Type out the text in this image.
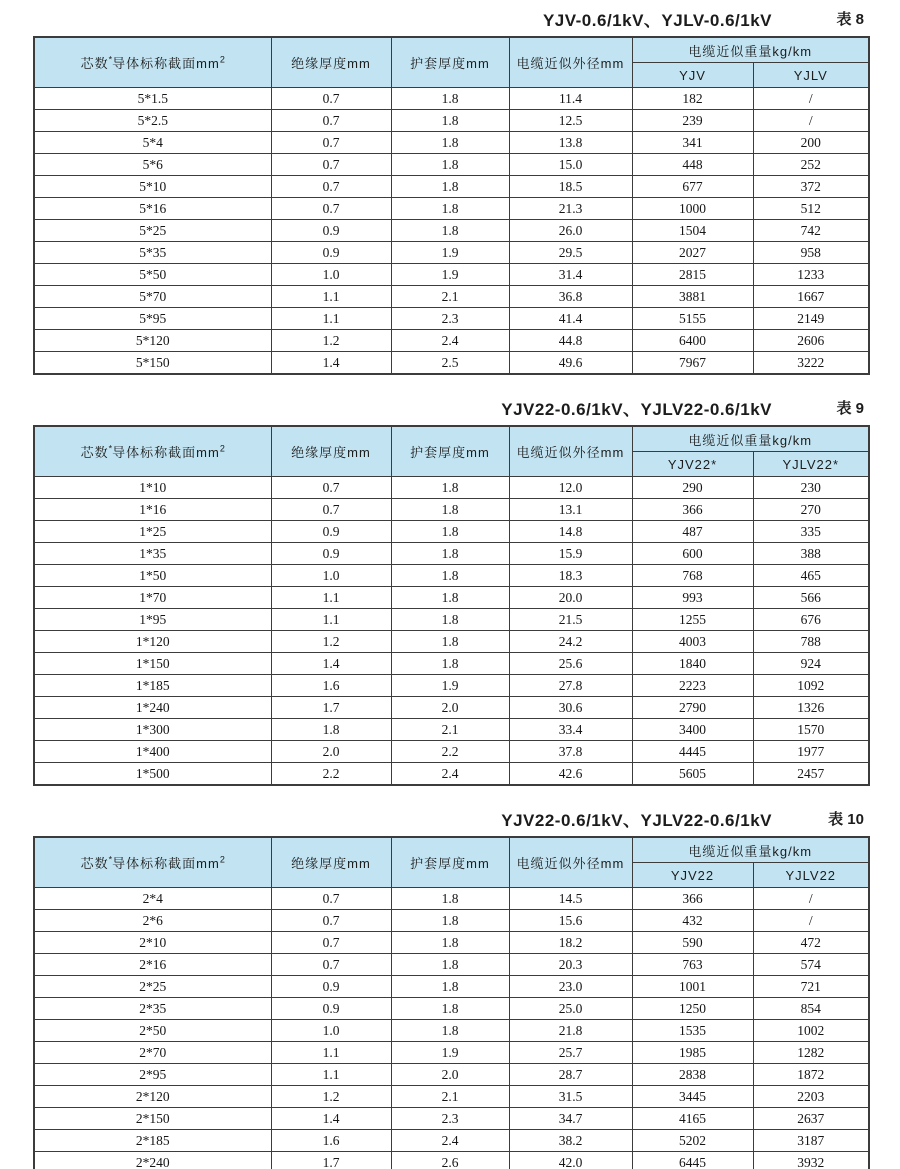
YJV-0.6/1kV、YJLV-0.6/1kV	表 8
芯数*导体标称截面$mm^2$	绝缘厚度mm	护套厚度mm	电缆近似外径mm	电缆近似重量kg/km	
				YJV	YJLV
5*1.5	0.7	1.8	11.4	182	/
5*2.5	0.7	1.8	12.5	239	/
5*4	0.7	1.8	13.8	341	200
5*6	0.7	1.8	15.0	448	252
5*10	0.7	1.8	18.5	677	372
5*16	0.7	1.8	21.3	1000	512
5*25	0.9	1.8	26.0	1504	742
5*35	0.9	1.9	29.5	2027	958
5*50	1.0	1.9	31.4	2815	1233
5*70	1.1	2.1	36.8	3881	1667
5*95	1.1	2.3	41.4	5155	2149
5*120	1.2	2.4	44.8	6400	2606
5*150	1.4	2.5	49.6	7967	3222
YJV22-0.6/1kV、YJLV22-0.6/1kV	表 9
芯数*导体标称截面$mm^2$	绝缘厚度mm	护套厚度mm	电缆近似外径mm	电缆近似重量kg/km	
				YJV22*	YJLV22*
1*10	0.7	1.8	12.0	290	230
1*16	0.7	1.8	13.1	366	270
1*25	0.9	1.8	14.8	487	335
1*35	0.9	1.8	15.9	600	388
1*50	1.0	1.8	18.3	768	465
1*70	1.1	1.8	20.0	993	566
1*95	1.1	1.8	21.5	1255	676
1*120	1.2	1.8	24.2	4003	788
1*150	1.4	1.8	25.6	1840	924
1*185	1.6	1.9	27.8	2223	1092
1*240	1.7	2.0	30.6	2790	1326
1*300	1.8	2.1	33.4	3400	1570
1*400	2.0	2.2	37.8	4445	1977
1*500	2.2	2.4	42.6	5605	2457
YJV22-0.6/1kV、YJLV22-0.6/1kV	表 10
芯数*导体标称截面$mm^2$	绝缘厚度mm	护套厚度mm	电缆近似外径mm	电缆近似重量kg/km	
				YJV22	YJLV22
2*4	0.7	1.8	14.5	366	/
2*6	0.7	1.8	15.6	432	/
2*10	0.7	1.8	18.2	590	472
2*16	0.7	1.8	20.3	763	574
2*25	0.9	1.8	23.0	1001	721
2*35	0.9	1.8	25.0	1250	854
2*50	1.0	1.8	21.8	1535	1002
2*70	1.1	1.9	25.7	1985	1282
2*95	1.1	2.0	28.7	2838	1872
2*120	1.2	2.1	31.5	3445	2203
2*150	1.4	2.3	34.7	4165	2637
2*185	1.6	2.4	38.2	5202	3187
2*240	1.7	2.6	42.0	6445	3932
